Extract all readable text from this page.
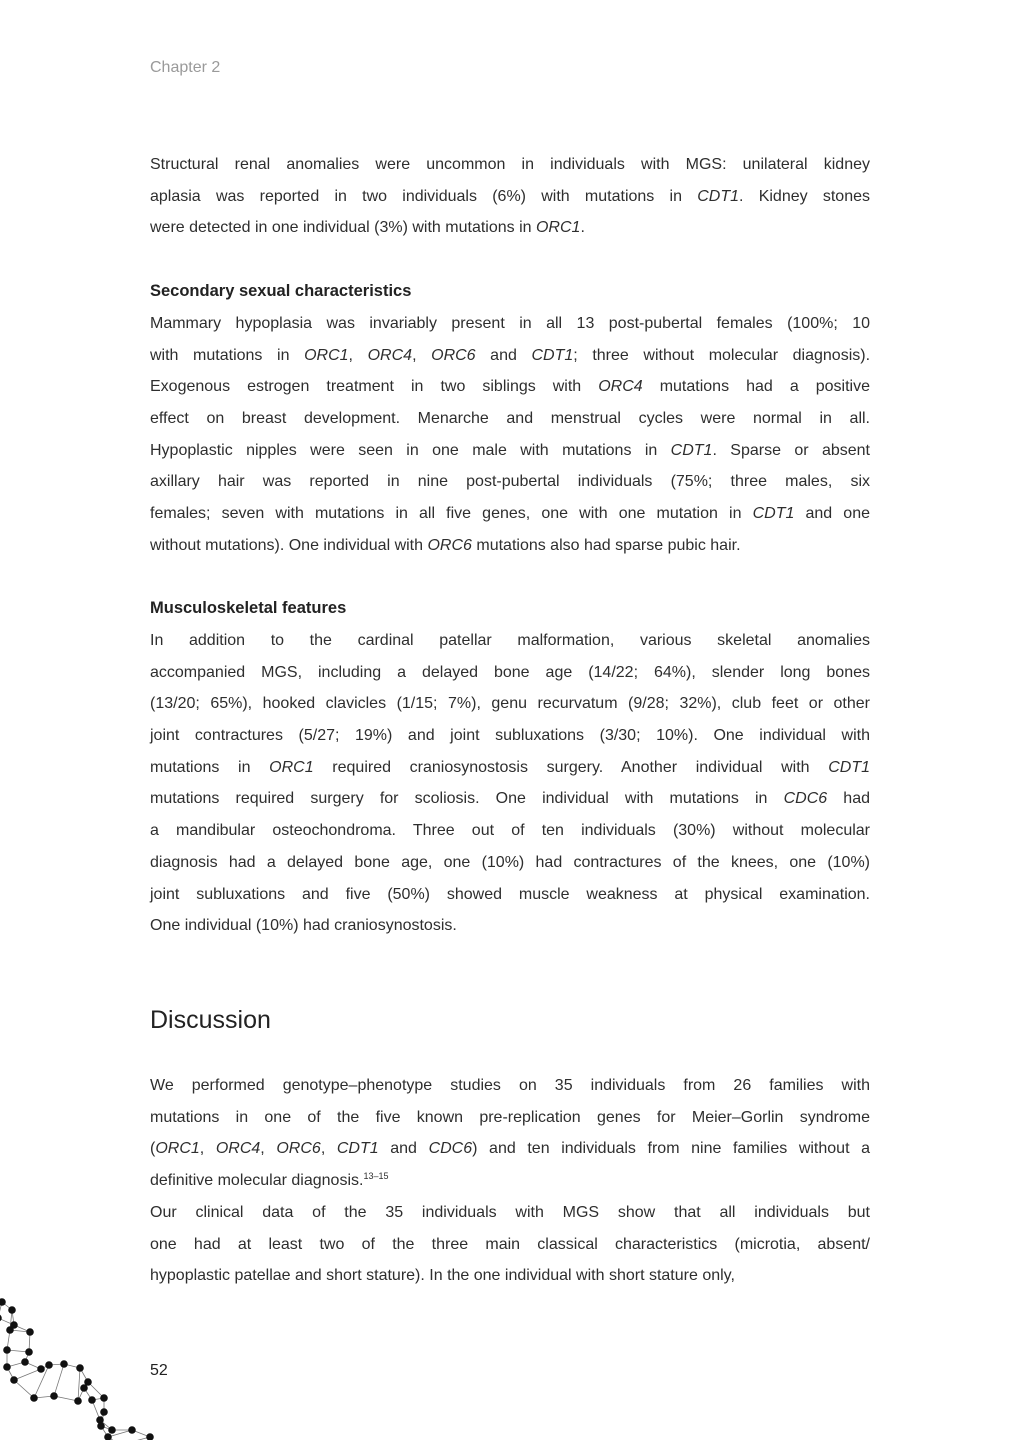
Chapter 2
Structural renal anomalies were uncommon in individuals with MGS: unilateral kidney
aplasia was reported in two individuals (6%) with mutations in CDT1. Kidney stones
were detected in one individual (3%) with mutations in ORC1.
Secondary sexual characteristics
Mammary hypoplasia was invariably present in all 13 post-pubertal females (100%; 10
with mutations in ORC1, ORC4, ORC6 and CDT1; three without molecular diagnosis).
Exogenous estrogen treatment in two siblings with ORC4 mutations had a positive
effect on breast development. Menarche and menstrual cycles were normal in all.
Hypoplastic nipples were seen in one male with mutations in CDT1. Sparse or absent
axillary hair was reported in nine post-pubertal individuals (75%; three males, six
females; seven with mutations in all five genes, one with one mutation in CDT1 and one
without mutations). One individual with ORC6 mutations also had sparse pubic hair.
Musculoskeletal features
In addition to the cardinal patellar malformation, various skeletal anomalies
accompanied MGS, including a delayed bone age (14/22; 64%), slender long bones
(13/20; 65%), hooked clavicles (1/15; 7%), genu recurvatum (9/28; 32%), club feet or other
joint contractures (5/27; 19%) and joint subluxations (3/30; 10%). One individual with
mutations in ORC1 required craniosynostosis surgery. Another individual with CDT1
mutations required surgery for scoliosis. One individual with mutations in CDC6 had
a mandibular osteochondroma. Three out of ten individuals (30%) without molecular
diagnosis had a delayed bone age, one (10%) had contractures of the knees, one (10%)
joint subluxations and five (50%) showed muscle weakness at physical examination.
One individual (10%) had craniosynostosis.
Discussion
We performed genotype–phenotype studies on 35 individuals from 26 families with
mutations in one of the five known pre-replication genes for Meier–Gorlin syndrome
(ORC1, ORC4, ORC6, CDT1 and CDC6) and ten individuals from nine families without a
definitive molecular diagnosis.$^{13-15}$
Our clinical data of the 35 individuals with MGS show that all individuals but
one had at least two of the three main classical characteristics (microtia, absent/
hypoplastic patellae and short stature). In the one individual with short stature only,
52
